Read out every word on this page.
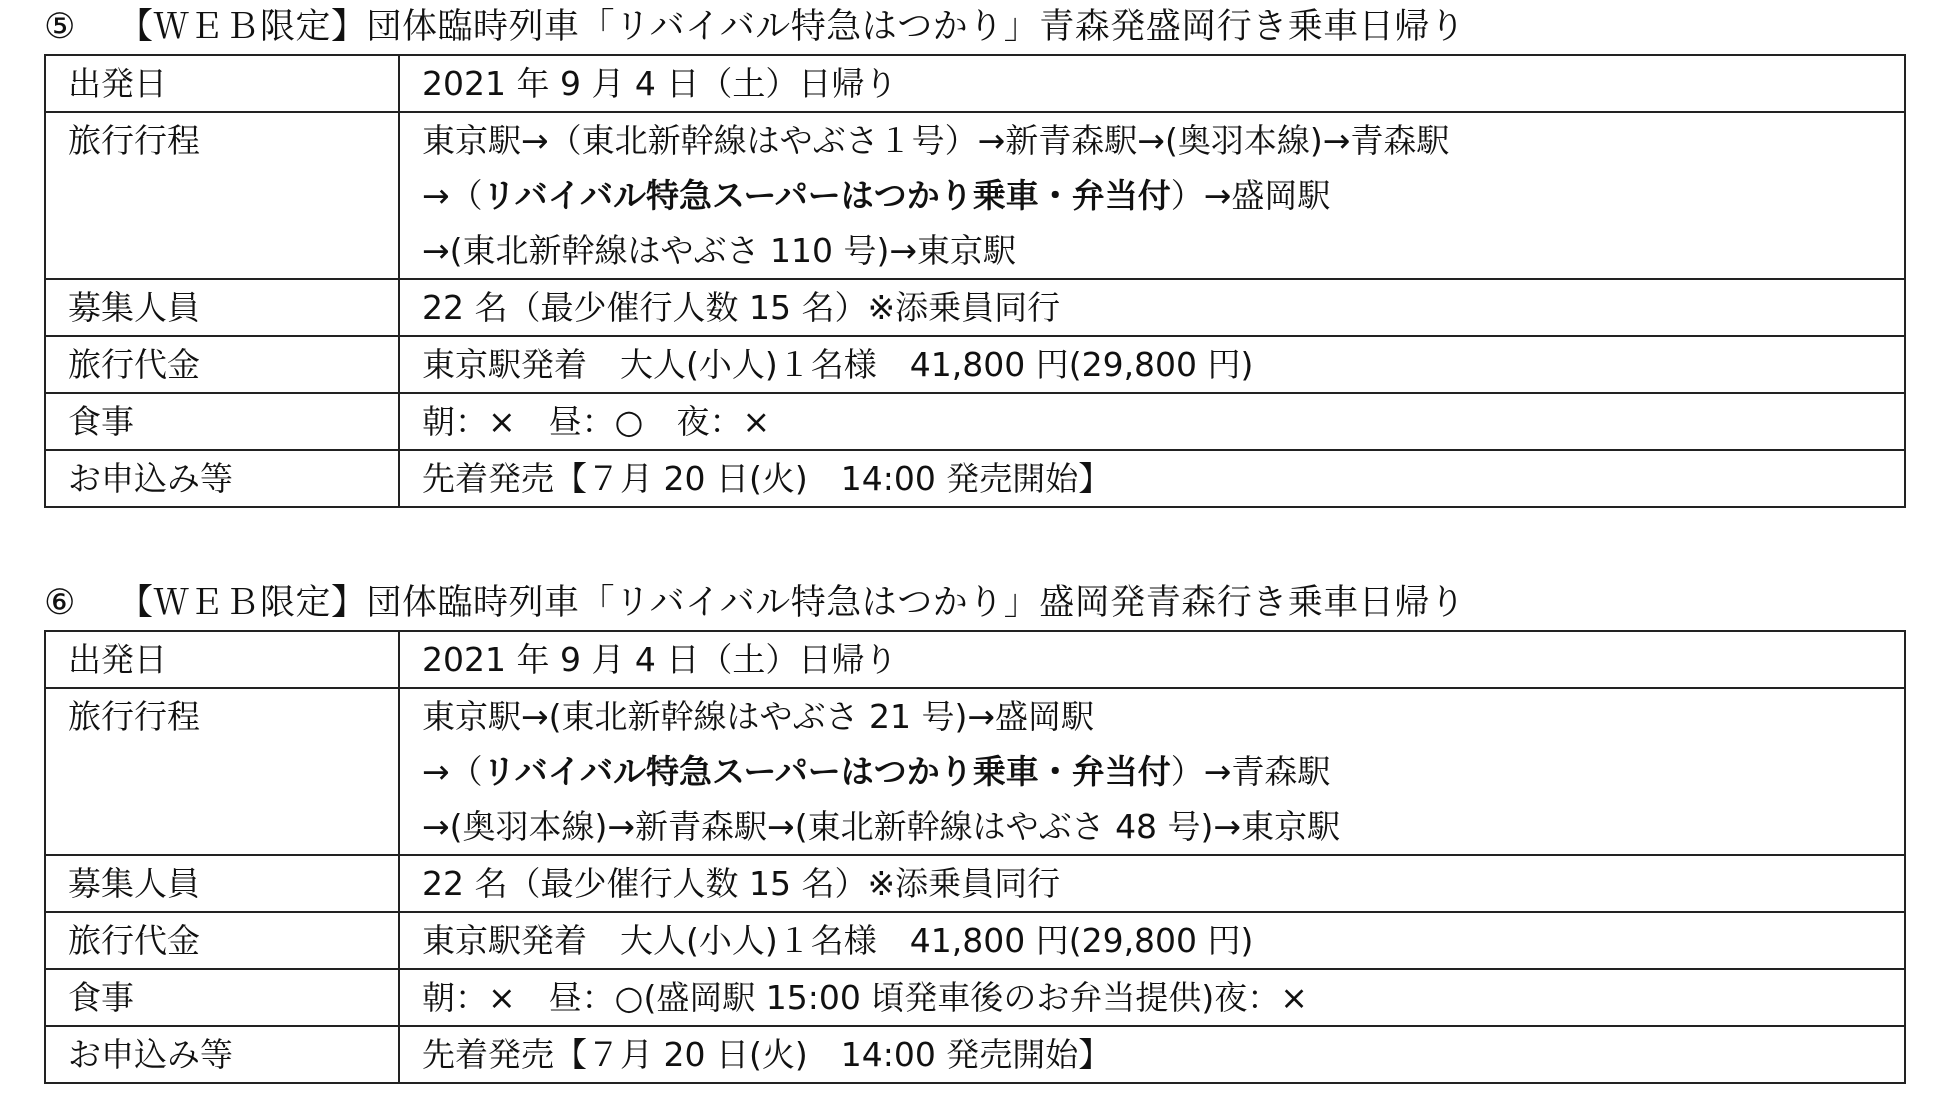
⑤ 【ＷＥＢ限定】団体臨時列車「リバイバル特急はつかり」青森発盛岡行き乗車日帰り
出発日	2021 年 9 月 4 日（土）日帰り
旅行行程	東京駅→（東北新幹線はやぶさ１号）→新青森駅→(奥羽本線)→青森駅
→（リバイバル特急スーパーはつかり乗車・弁当付）→盛岡駅
→(東北新幹線はやぶさ 110 号)→東京駅

募集人員	22 名（最少催行人数 15 名）※添乗員同行
旅行代金	東京駅発着　大人(小人)１名様　41,800 円(29,800 円)
食事	朝：×　昼：○　夜：×
お申込み等	先着発売【７月 20 日(火)　14:00 発売開始】
⑥ 【ＷＥＢ限定】団体臨時列車「リバイバル特急はつかり」盛岡発青森行き乗車日帰り
出発日	2021 年 9 月 4 日（土）日帰り
旅行行程	東京駅→(東北新幹線はやぶさ 21 号)→盛岡駅
→（リバイバル特急スーパーはつかり乗車・弁当付）→青森駅
→(奥羽本線)→新青森駅→(東北新幹線はやぶさ 48 号)→東京駅

募集人員	22 名（最少催行人数 15 名）※添乗員同行
旅行代金	東京駅発着　大人(小人)１名様　41,800 円(29,800 円)
食事	朝：×　昼：○(盛岡駅 15:00 頃発車後のお弁当提供)夜：×
お申込み等	先着発売【７月 20 日(火)　14:00 発売開始】
